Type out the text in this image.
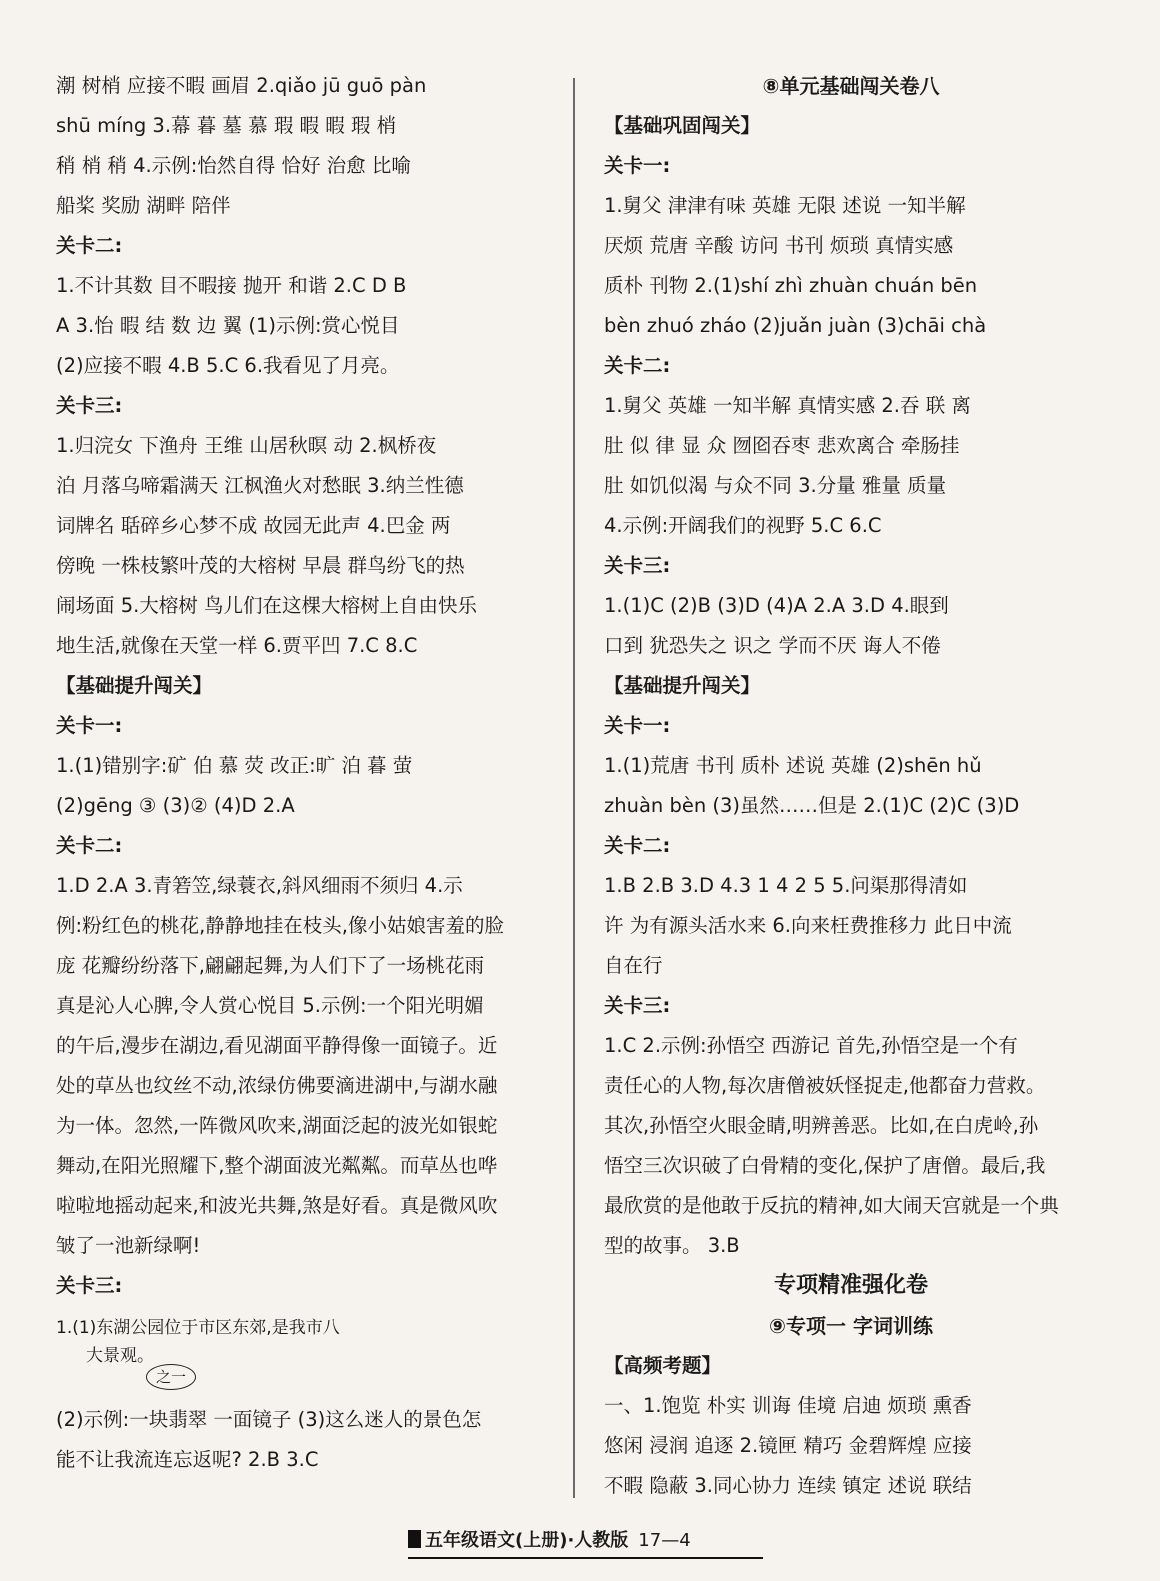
潮 树梢 应接不暇 画眉 2.qiǎo jū guō pàn
shū míng 3.幕 暮 墓 慕 瑕 暇 暇 瑕 梢
稍 梢 稍 4.示例:怡然自得 恰好 治愈 比喻
船桨 奖励 湖畔 陪伴
关卡二:
1.不计其数 目不暇接 抛开 和谐 2.C D B
A 3.怡 暇 结 数 边 翼 (1)示例:赏心悦目
(2)应接不暇 4.B 5.C 6.我看见了月亮。
关卡三:
1.归浣女 下渔舟 王维 山居秋暝 动 2.枫桥夜
泊 月落乌啼霜满天 江枫渔火对愁眠 3.纳兰性德
词牌名 聒碎乡心梦不成 故园无此声 4.巴金 两
傍晚 一株枝繁叶茂的大榕树 早晨 群鸟纷飞的热
闹场面 5.大榕树 鸟儿们在这棵大榕树上自由快乐
地生活,就像在天堂一样 6.贾平凹 7.C 8.C
【基础提升闯关】
关卡一:
1.(1)错别字:矿 伯 慕 荧 改正:旷 泊 暮 萤
(2)gēng ③ (3)② (4)D 2.A
关卡二:
1.D 2.A 3.青箬笠,绿蓑衣,斜风细雨不须归 4.示
例:粉红色的桃花,静静地挂在枝头,像小姑娘害羞的脸
庞 花瓣纷纷落下,翩翩起舞,为人们下了一场桃花雨
真是沁人心脾,令人赏心悦目 5.示例:一个阳光明媚
的午后,漫步在湖边,看见湖面平静得像一面镜子。近
处的草丛也纹丝不动,浓绿仿佛要滴进湖中,与湖水融
为一体。忽然,一阵微风吹来,湖面泛起的波光如银蛇
舞动,在阳光照耀下,整个湖面波光粼粼。而草丛也哗
啦啦地摇动起来,和波光共舞,煞是好看。真是微风吹
皱了一池新绿啊!
关卡三:
1.(1)东湖公园位于市区东郊,是我市八
大景观。
之一
(2)示例:一块翡翠 一面镜子 (3)这么迷人的景色怎
能不让我流连忘返呢? 2.B 3.C
⑧单元基础闯关卷八
【基础巩固闯关】
关卡一:
1.舅父 津津有味 英雄 无限 述说 一知半解
厌烦 荒唐 辛酸 访问 书刊 烦琐 真情实感
质朴 刊物 2.(1)shí zhì zhuàn chuán bēn
bèn zhuó zháo (2)juǎn juàn (3)chāi chà
关卡二:
1.舅父 英雄 一知半解 真情实感 2.吞 联 离
肚 似 律 显 众 囫囵吞枣 悲欢离合 牵肠挂
肚 如饥似渴 与众不同 3.分量 雅量 质量
4.示例:开阔我们的视野 5.C 6.C
关卡三:
1.(1)C (2)B (3)D (4)A 2.A 3.D 4.眼到
口到 犹恐失之 识之 学而不厌 诲人不倦
【基础提升闯关】
关卡一:
1.(1)荒唐 书刊 质朴 述说 英雄 (2)shēn hǔ
zhuàn bèn (3)虽然……但是 2.(1)C (2)C (3)D
关卡二:
1.B 2.B 3.D 4.3 1 4 2 5 5.问渠那得清如
许 为有源头活水来 6.向来枉费推移力 此日中流
自在行
关卡三:
1.C 2.示例:孙悟空 西游记 首先,孙悟空是一个有
责任心的人物,每次唐僧被妖怪捉走,他都奋力营救。
其次,孙悟空火眼金睛,明辨善恶。比如,在白虎岭,孙
悟空三次识破了白骨精的变化,保护了唐僧。最后,我
最欣赏的是他敢于反抗的精神,如大闹天宫就是一个典
型的故事。 3.B
专项精准强化卷
⑨专项一 字词训练
【高频考题】
一、1.饱览 朴实 训诲 佳境 启迪 烦琐 熏香
悠闲 浸润 追逐 2.镜匣 精巧 金碧辉煌 应接
不暇 隐蔽 3.同心协力 连续 镇定 述说 联结
五年级语文(上册)·人教版 17—4
